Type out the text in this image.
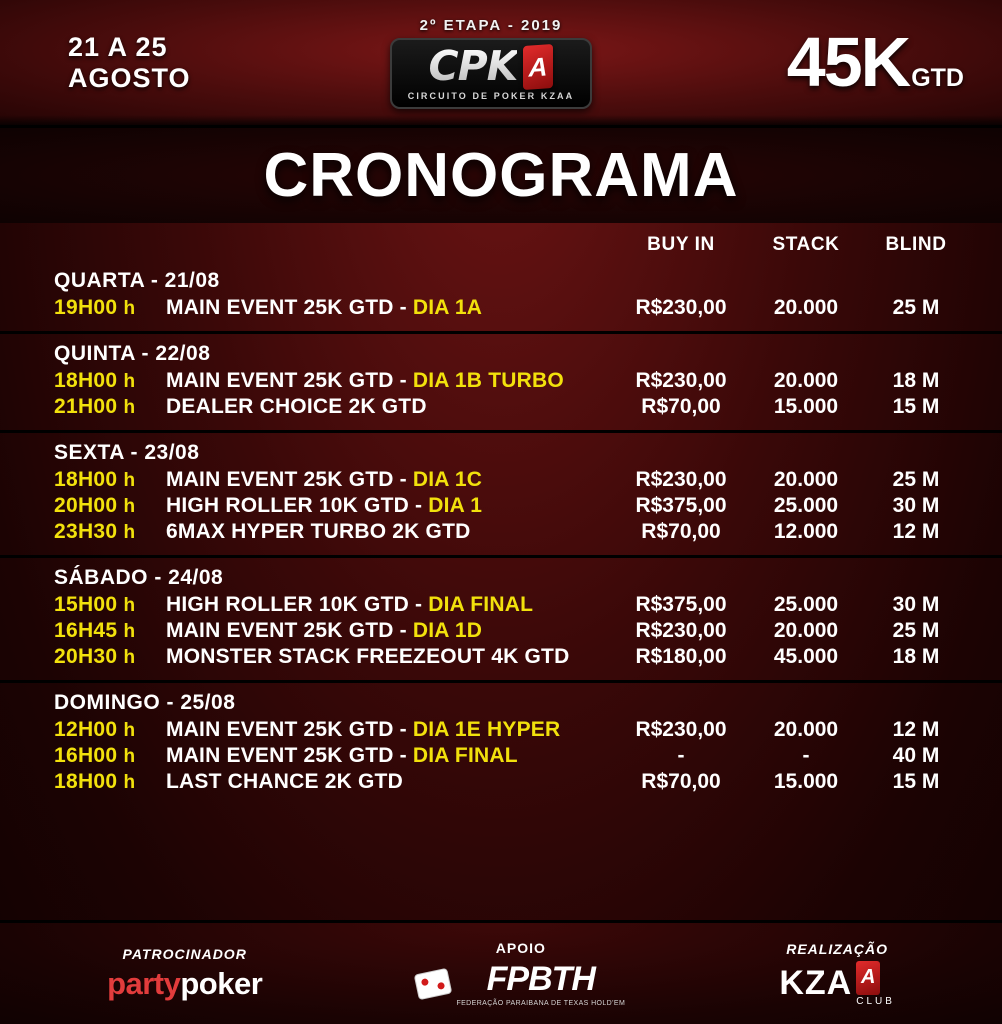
21 A 25
AGOSTO
2º ETAPA - 2019
CPK A
CIRCUITO DE POKER KZAA	45K GTD
CRONOGRAMA
BUY IN	STACK	BLIND
QUARTA - 21/08
19H00 h	MAIN EVENT 25K GTD - DIA 1A	R$230,00	20.000	25 M
QUINTA - 22/08
18H00 h	MAIN EVENT 25K GTD - DIA 1B TURBO	R$230,00	20.000	18 M
21H00 h	DEALER CHOICE 2K GTD	R$70,00	15.000	15 M
SEXTA - 23/08
18H00 h	MAIN EVENT 25K GTD - DIA 1C	R$230,00	20.000	25 M
20H00 h	HIGH ROLLER 10K GTD - DIA 1	R$375,00	25.000	30 M
23H30 h	6MAX HYPER TURBO 2K GTD	R$70,00	12.000	12 M
SÁBADO - 24/08
15H00 h	HIGH ROLLER 10K GTD - DIA FINAL	R$375,00	25.000	30 M
16H45 h	MAIN EVENT 25K GTD - DIA 1D	R$230,00	20.000	25 M
20H30 h	MONSTER STACK FREEZEOUT 4K GTD	R$180,00	45.000	18 M
DOMINGO - 25/08
12H00 h	MAIN EVENT 25K GTD - DIA 1E HYPER	R$230,00	20.000	12 M
16H00 h	MAIN EVENT 25K GTD - DIA FINAL	-	-	40 M
18H00 h	LAST CHANCE 2K GTD	R$70,00	15.000	15 M
PATROCINADOR
partypoker
APOIO
FPBTH
FEDERAÇÃO PARAIBANA DE TEXAS HOLD'EM
REALIZAÇÃO
KZA A
CLUB
